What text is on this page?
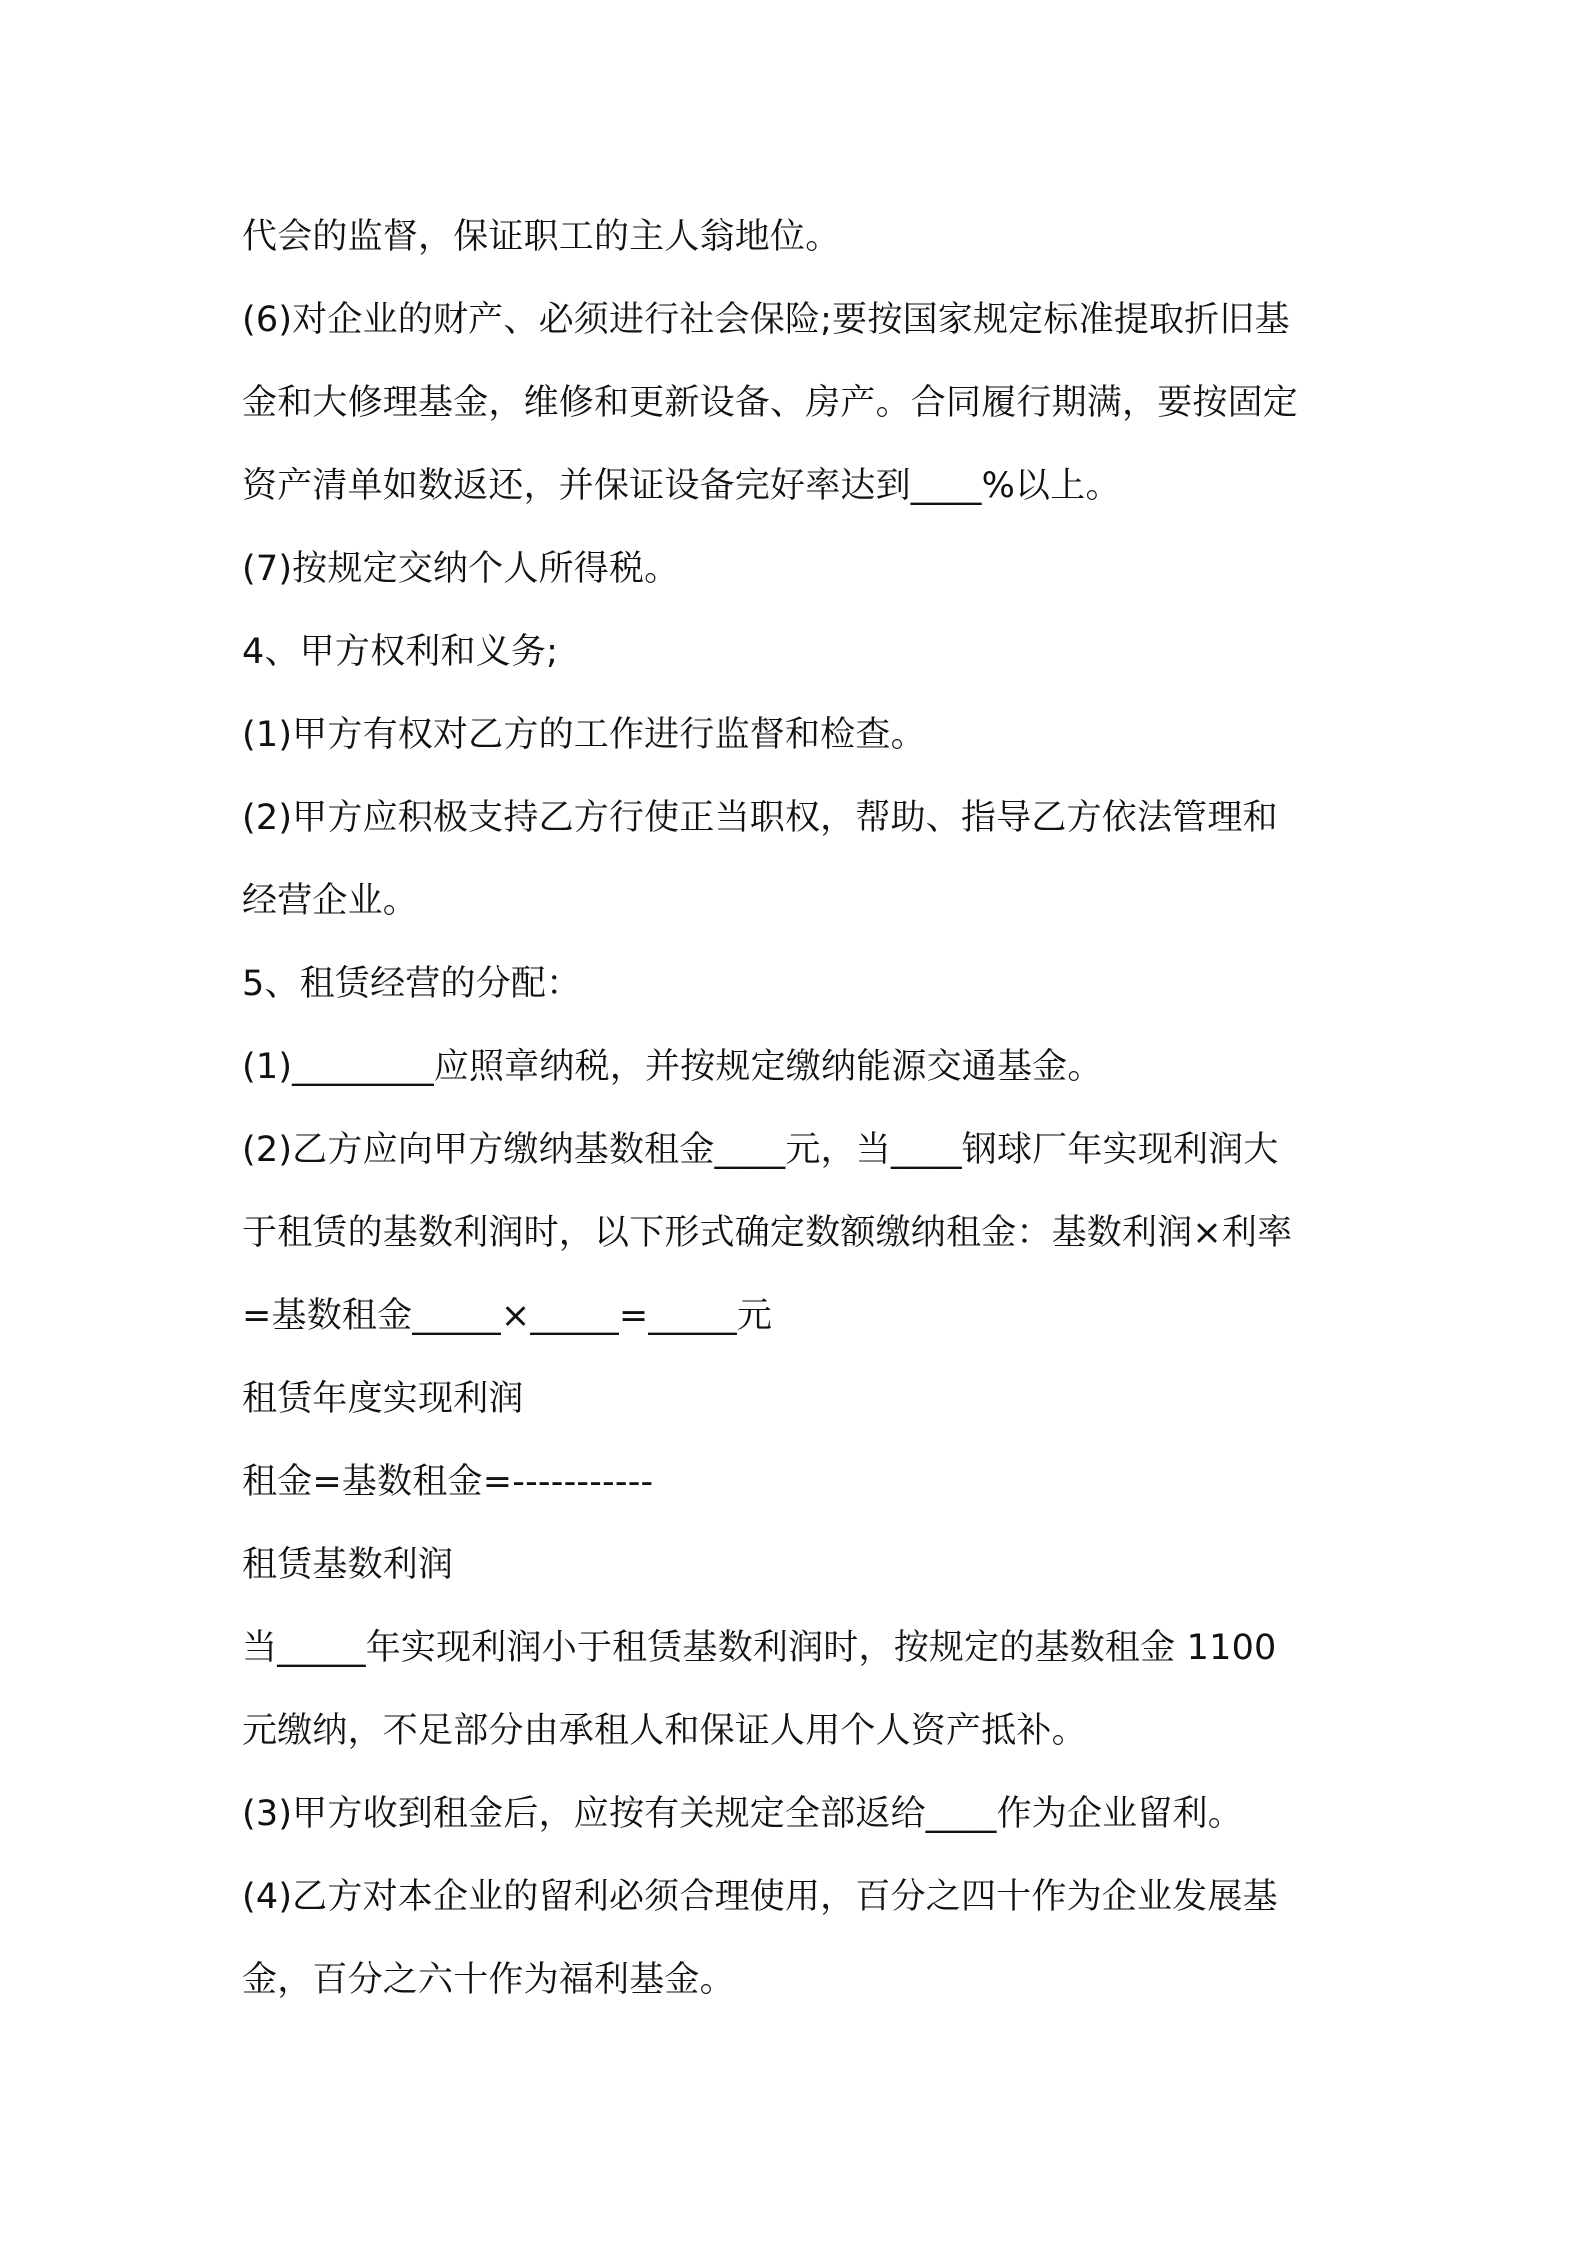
代会的监督，保证职工的主人翁地位。
(6)对企业的财产、必须进行社会保险;要按国家规定标准提取折旧基
金和大修理基金，维修和更新设备、房产。合同履行期满，要按固定
资产清单如数返还，并保证设备完好率达到____%以上。
(7)按规定交纳个人所得税。
4、甲方权利和义务;
(1)甲方有权对乙方的工作进行监督和检查。
(2)甲方应积极支持乙方行使正当职权，帮助、指导乙方依法管理和
经营企业。
5、租赁经营的分配：
(1)________应照章纳税，并按规定缴纳能源交通基金。
(2)乙方应向甲方缴纳基数租金____元，当____钢球厂年实现利润大
于租赁的基数利润时，以下形式确定数额缴纳租金：基数利润×利率
=基数租金_____×_____=_____元
租赁年度实现利润
租金=基数租金=-----------
租赁基数利润
当_____年实现利润小于租赁基数利润时，按规定的基数租金 1100
元缴纳，不足部分由承租人和保证人用个人资产抵补。
(3)甲方收到租金后，应按有关规定全部返给____作为企业留利。
(4)乙方对本企业的留利必须合理使用，百分之四十作为企业发展基
金，百分之六十作为福利基金。
